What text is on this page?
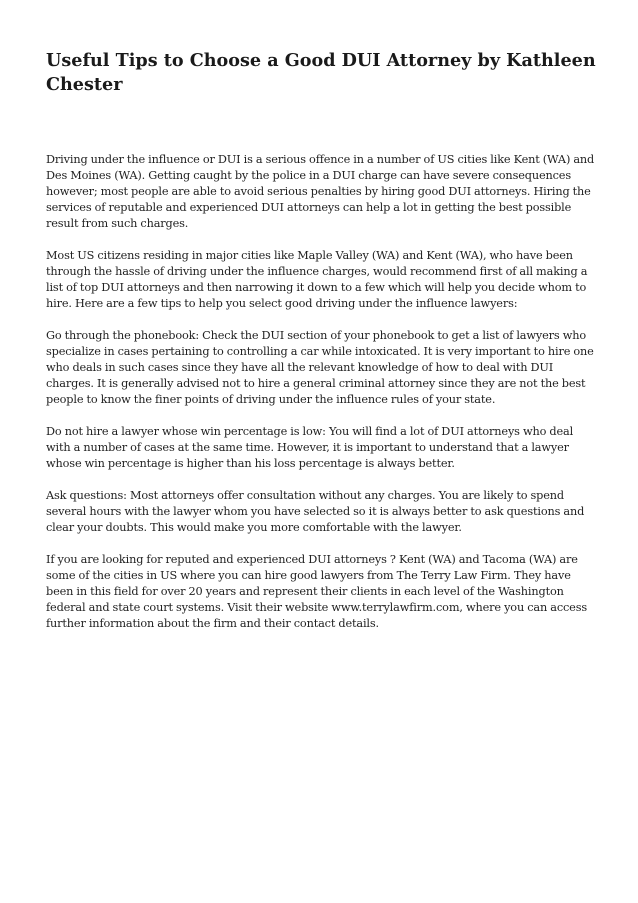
Useful Tips to Choose a Good DUI Attorney by Kathleen Chester

Driving under the influence or DUI is a serious offence in a number of US cities like Kent (WA) and Des Moines (WA). Getting caught by the police in a DUI charge can have severe consequences however; most people are able to avoid serious penalties by hiring good DUI attorneys. Hiring the services of reputable and experienced DUI attorneys can help a lot in getting the best possible result from such charges.

Most US citizens residing in major cities like Maple Valley (WA) and Kent (WA), who have been through the hassle of driving under the influence charges, would recommend first of all making a list of top DUI attorneys and then narrowing it down to a few which will help you decide whom to hire. Here are a few tips to help you select good driving under the influence lawyers:

Go through the phonebook: Check the DUI section of your phonebook to get a list of lawyers who specialize in cases pertaining to controlling a car while intoxicated. It is very important to hire one who deals in such cases since they have all the relevant knowledge of how to deal with DUI charges. It is generally advised not to hire a general criminal attorney since they are not the best people to know the finer points of driving under the influence rules of your state.

Do not hire a lawyer whose win percentage is low: You will find a lot of DUI attorneys who deal with a number of cases at the same time. However, it is important to understand that a lawyer whose win percentage is higher than his loss percentage is always better.

Ask questions: Most attorneys offer consultation without any charges. You are likely to spend several hours with the lawyer whom you have selected so it is always better to ask questions and clear your doubts. This would make you more comfortable with the lawyer.

If you are looking for reputed and experienced DUI attorneys ? Kent (WA) and Tacoma (WA) are some of the cities in US where you can hire good lawyers from The Terry Law Firm. They have been in this field for over 20 years and represent their clients in each level of the Washington federal and state court systems. Visit their website www.terrylawfirm.com, where you can access further information about the firm and their contact details.
